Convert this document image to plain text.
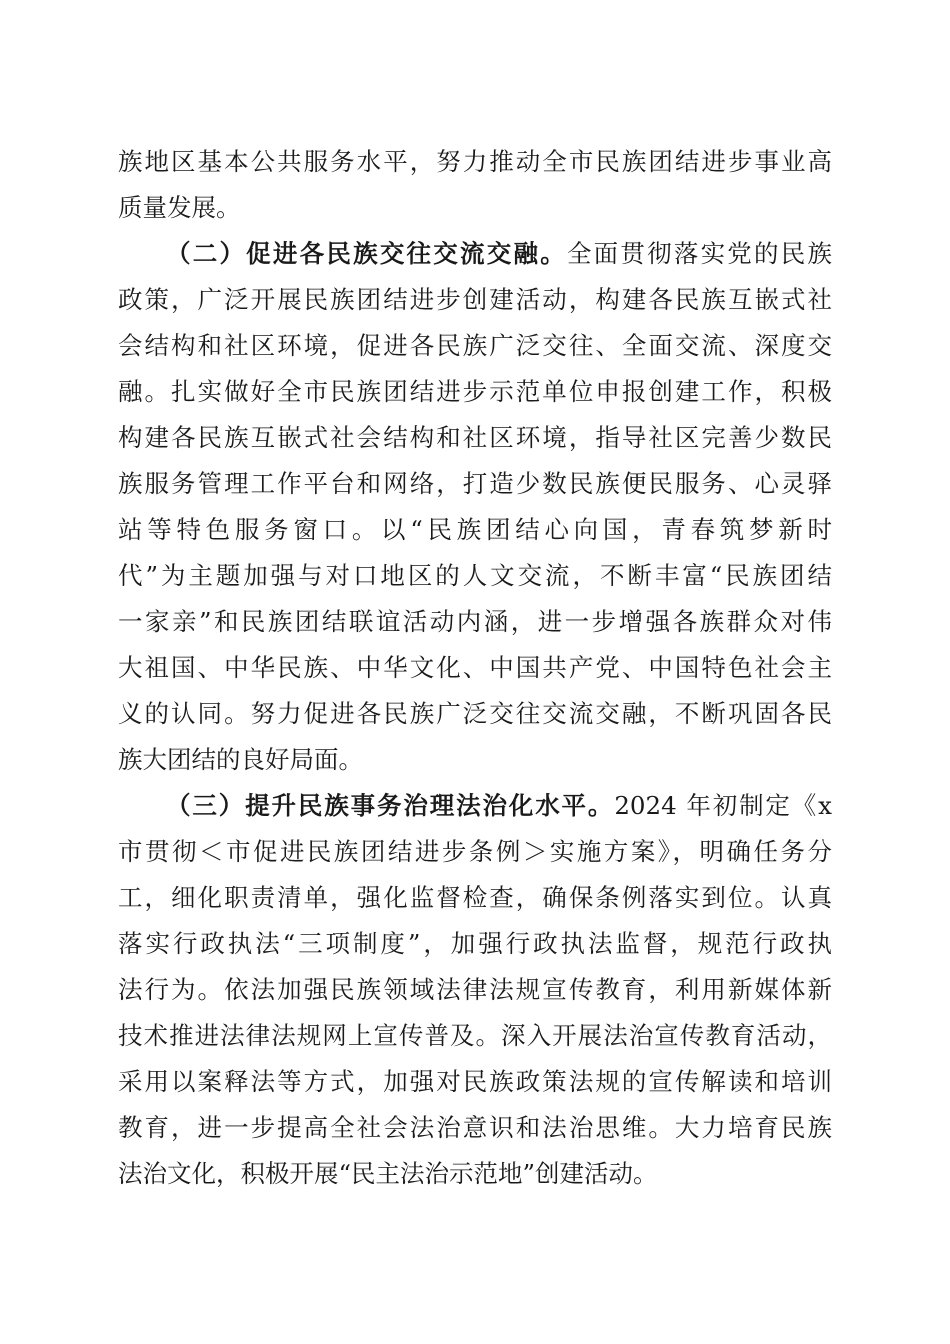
族地区基本公共服务水平，努力推动全市民族团结进步事业高
质量发展。
（二）促进各民族交往交流交融。全面贯彻落实党的民族
政策，广泛开展民族团结进步创建活动，构建各民族互嵌式社
会结构和社区环境，促进各民族广泛交往、全面交流、深度交
融。扎实做好全市民族团结进步示范单位申报创建工作，积极
构建各民族互嵌式社会结构和社区环境，指导社区完善少数民
族服务管理工作平台和网络，打造少数民族便民服务、心灵驿
站等特色服务窗口。以“民族团结心向国，青春筑梦新时
代”为主题加强与对口地区的人文交流，不断丰富“民族团结
一家亲”和民族团结联谊活动内涵，进一步增强各族群众对伟
大祖国、中华民族、中华文化、中国共产党、中国特色社会主
义的认同。努力促进各民族广泛交往交流交融，不断巩固各民
族大团结的良好局面。
（三）提升民族事务治理法治化水平。2024 年初制定《x
市贯彻＜市促进民族团结进步条例＞实施方案》，明确任务分
工，细化职责清单，强化监督检查，确保条例落实到位。认真
落实行政执法“三项制度”，加强行政执法监督，规范行政执
法行为。依法加强民族领域法律法规宣传教育，利用新媒体新
技术推进法律法规网上宣传普及。深入开展法治宣传教育活动，
采用以案释法等方式，加强对民族政策法规的宣传解读和培训
教育，进一步提高全社会法治意识和法治思维。大力培育民族
法治文化，积极开展“民主法治示范地”创建活动。
